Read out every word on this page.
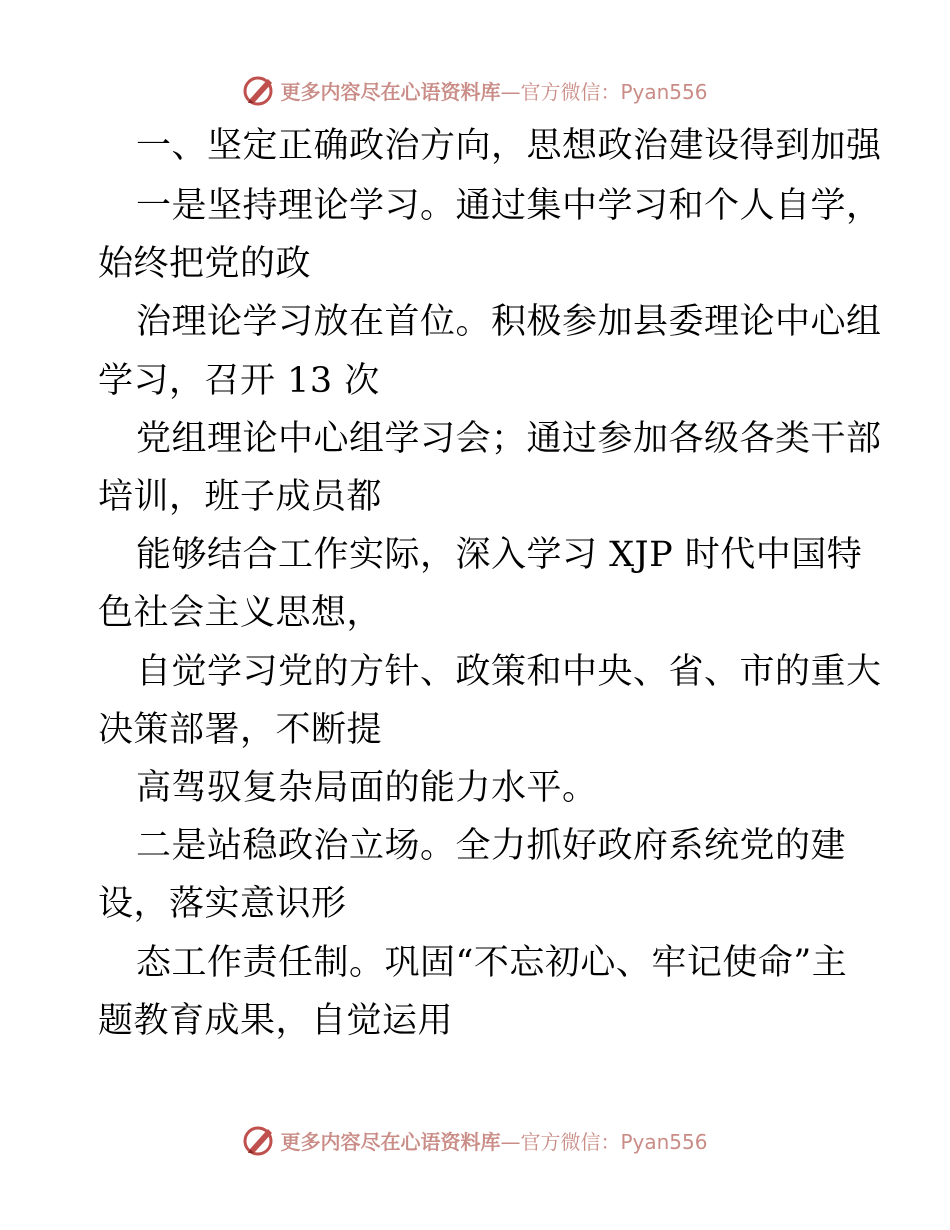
更多内容尽在心语资料库 —官方微信：Pyan556
一、坚定正确政治方向，思想政治建设得到加强
一是坚持理论学习。通过集中学习和个人自学，
始终把党的政
治理论学习放在首位。积极参加县委理论中心组
学习，召开 13 次
党组理论中心组学习会；通过参加各级各类干部
培训，班子成员都
能够结合工作实际，深入学习 XJP 时代中国特
色社会主义思想，
自觉学习党的方针、政策和中央、省、市的重大
决策部署，不断提
高驾驭复杂局面的能力水平。
二是站稳政治立场。全力抓好政府系统党的建
设，落实意识形
态工作责任制。巩固“不忘初心、牢记使命”主
题教育成果，自觉运用
更多内容尽在心语资料库 —官方微信：Pyan556
